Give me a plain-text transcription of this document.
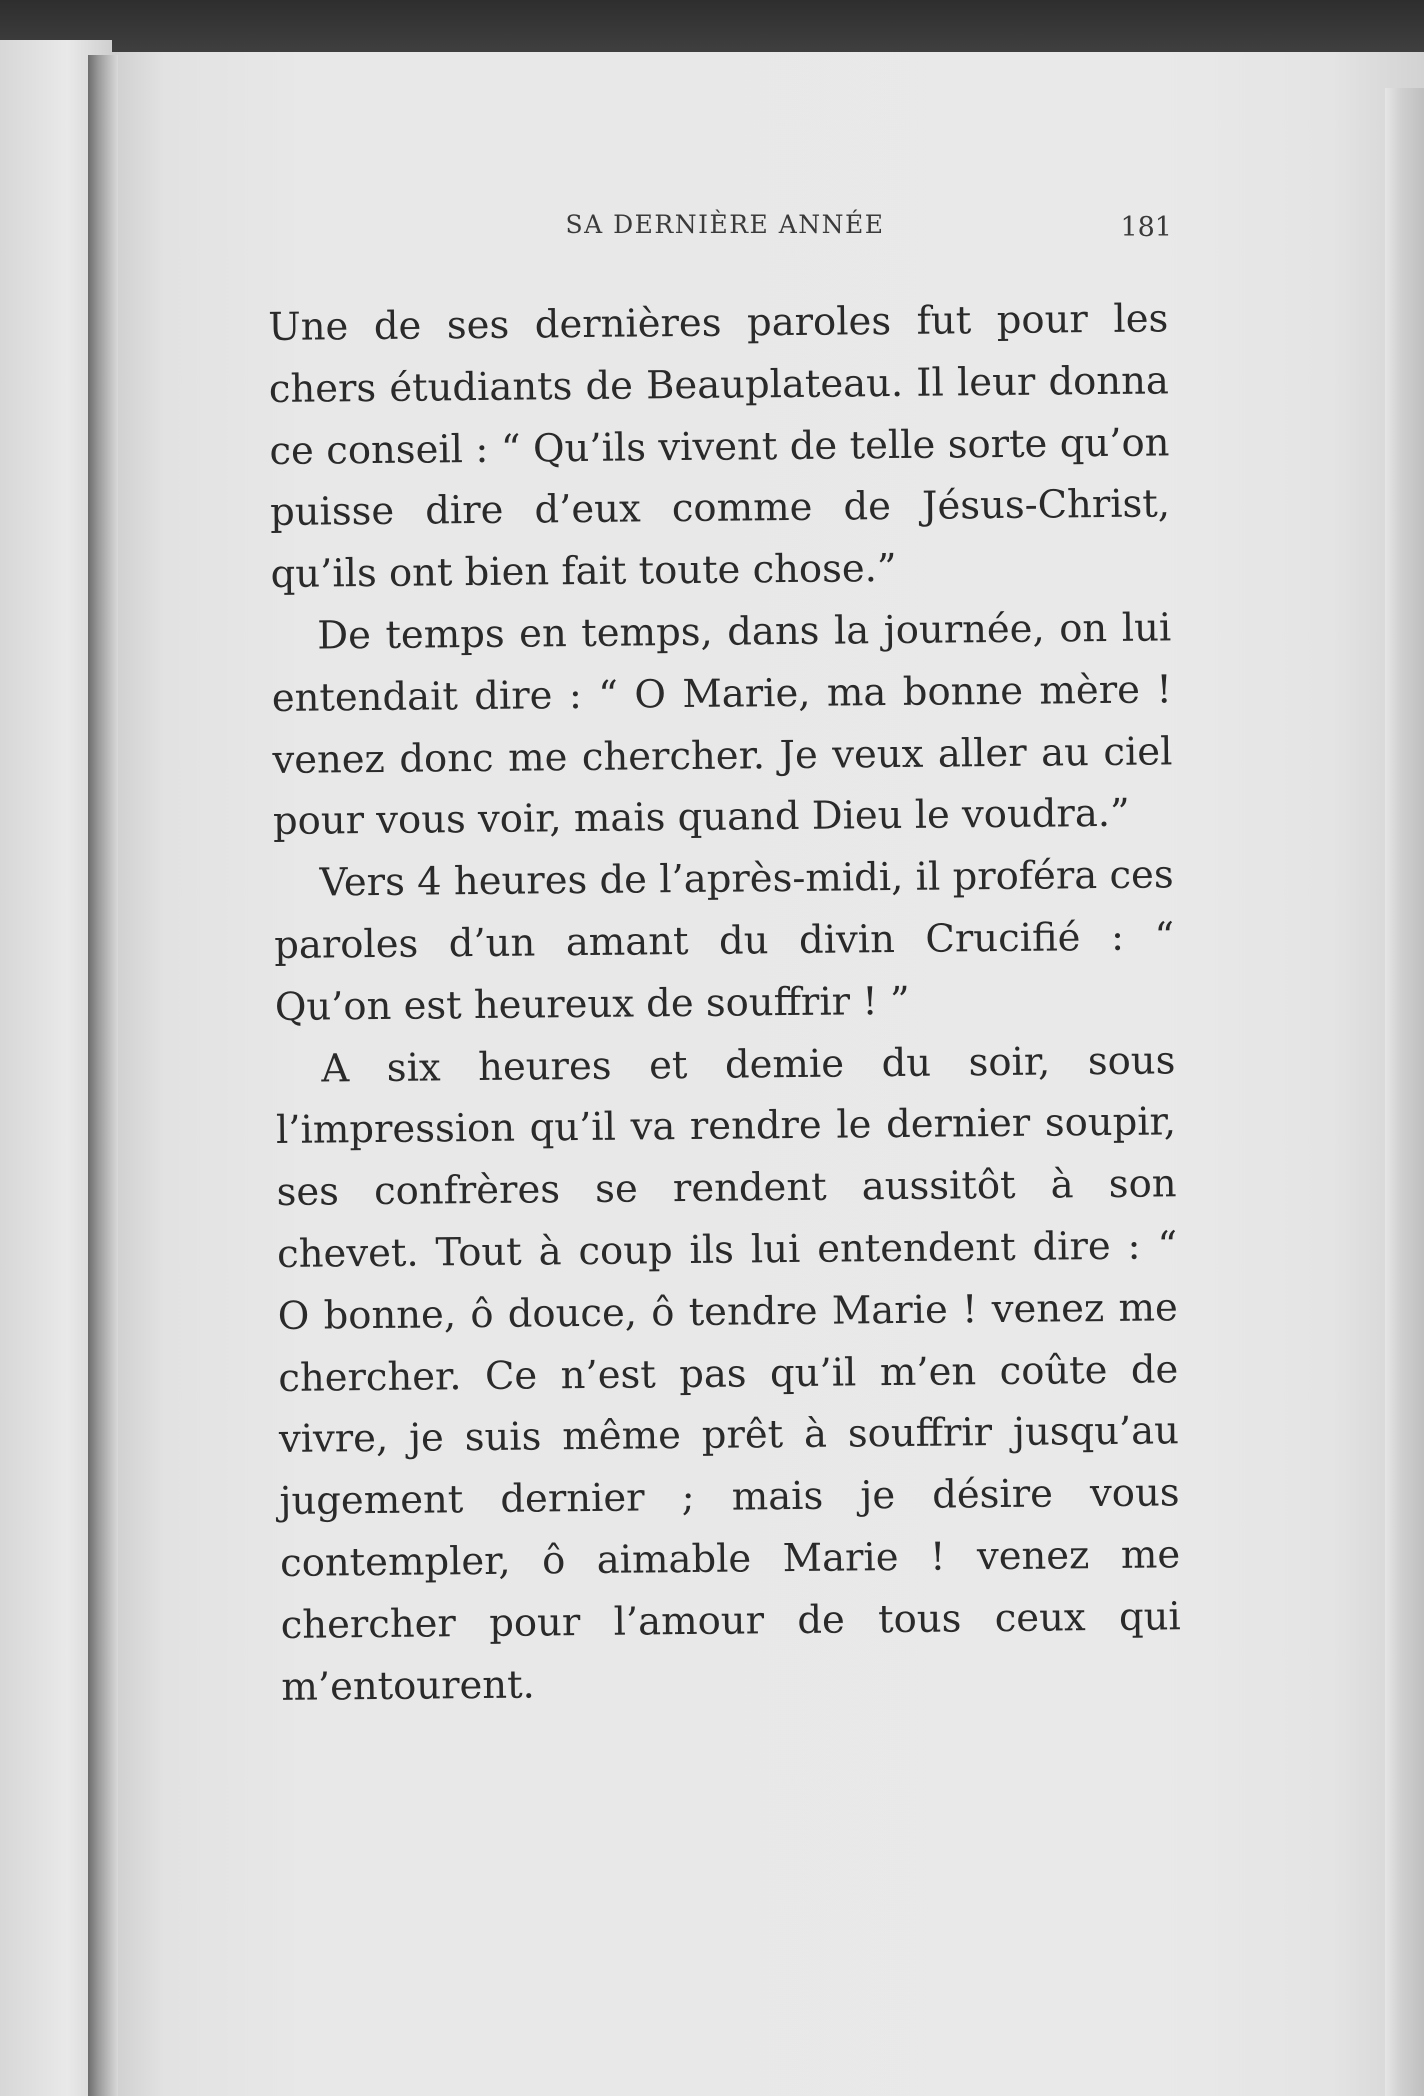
SA DERNIÈRE ANNÉE	181

Une de ses dernières paroles fut pour les chers étudiants de Beauplateau. Il leur donna ce conseil : “ Qu’ils vivent de telle sorte qu’on puisse dire d’eux comme de Jésus-Christ, qu’ils ont bien fait toute chose.”

De temps en temps, dans la journée, on lui entendait dire : “ O Marie, ma bonne mère ! venez donc me chercher. Je veux aller au ciel pour vous voir, mais quand Dieu le voudra.”

Vers 4 heures de l’après-midi, il proféra ces paroles d’un amant du divin Crucifié : “ Qu’on est heureux de souffrir ! ”

A six heures et demie du soir, sous l’impression qu’il va rendre le dernier soupir, ses confrères se rendent aussitôt à son chevet. Tout à coup ils lui entendent dire : “ O bonne, ô douce, ô tendre Marie ! venez me chercher. Ce n’est pas qu’il m’en coûte de vivre, je suis même prêt à souffrir jusqu’au jugement dernier ; mais je désire vous contempler, ô aimable Marie ! venez me chercher pour l’amour de tous ceux qui m’entourent.
